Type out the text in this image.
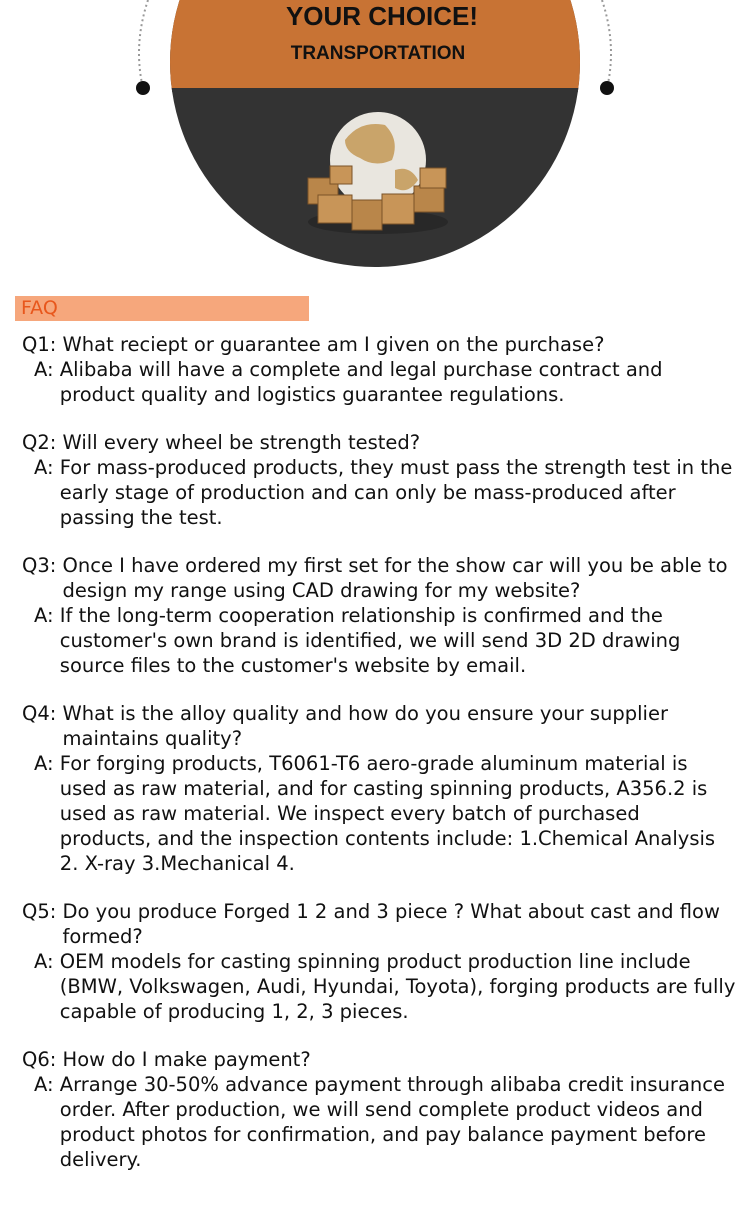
YOUR CHOICE!
TRANSPORTATION
FAQ
Q1:
What reciept or guarantee am I given on the purchase?
A:
Alibaba will have a complete and legal purchase contract and product quality and logistics guarantee regulations.
Q2:
Will every wheel be strength tested?
A:
For mass-produced products, they must pass the strength test in the early stage of production and can only be mass-produced after passing the test.
Q3:
Once I have ordered my first set for the show car will you be able to design my range using CAD drawing for my website?
A:
If the long-term cooperation relationship is confirmed and the customer's own brand is identified, we will send 3D 2D drawing source files to the customer's website by email.
Q4:
What is the alloy quality and how do you ensure your supplier maintains quality?
A:
For forging products, T6061-T6 aero-grade aluminum material is used as raw material, and for casting spinning products, A356.2 is used as raw material. We inspect every batch of purchased products, and the inspection contents include: 1.Chemical Analysis 2. X-ray 3.Mechanical 4.
Q5:
Do you produce Forged 1 2 and 3 piece ? What about cast and flow formed?
A:
OEM models for casting spinning product production line include (BMW, Volkswagen, Audi, Hyundai, Toyota), forging products are fully capable of producing 1, 2, 3 pieces.
Q6:
How do I make payment?
A:
Arrange 30-50% advance payment through alibaba credit insurance order. After production, we will send complete product videos and product photos for confirmation, and pay balance payment before delivery.
